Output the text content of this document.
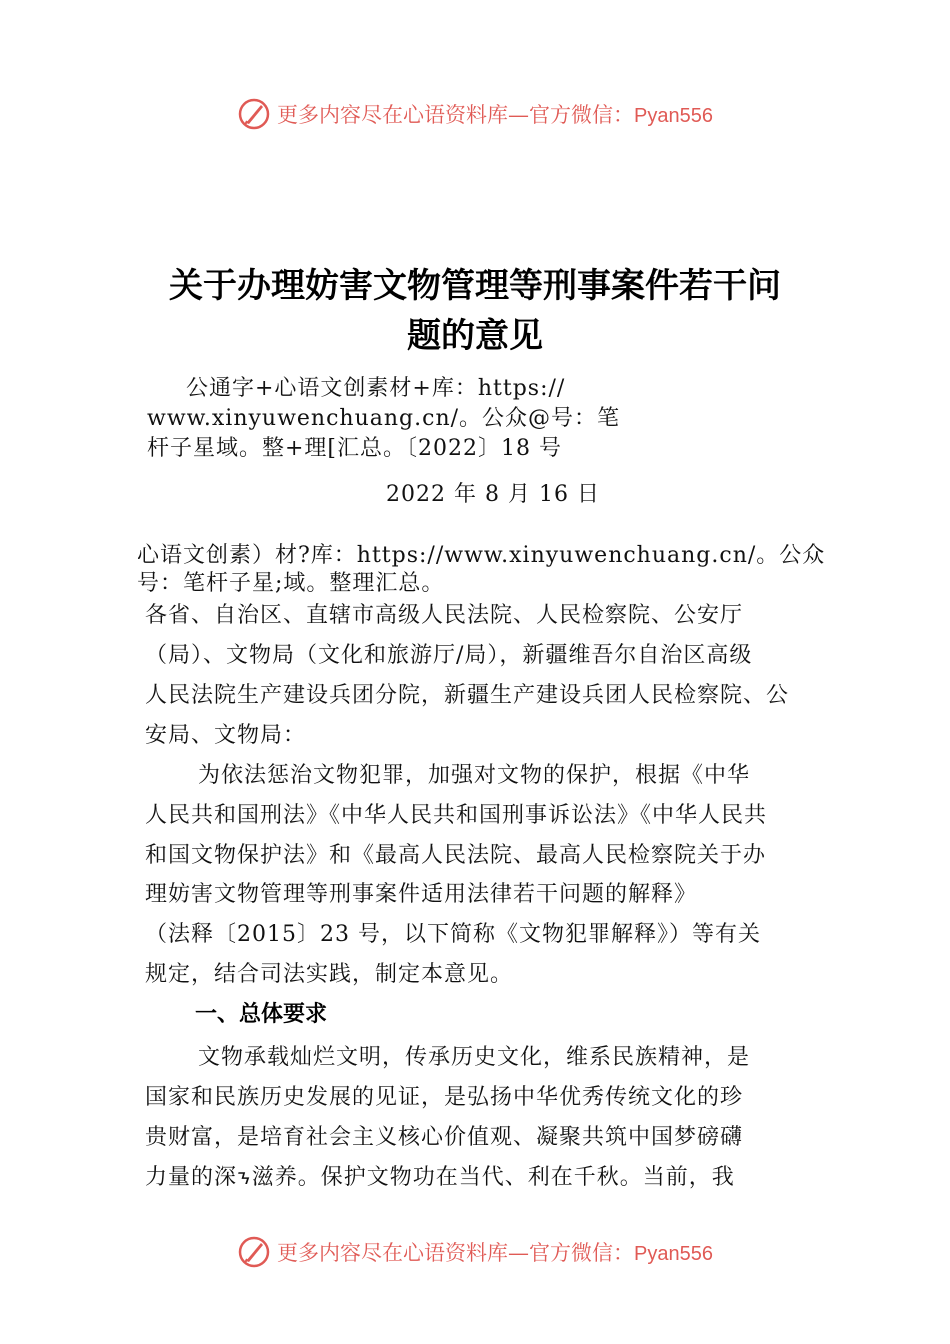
更多内容尽在心语资料库—官方微信：Pyan556
关于办理妨害文物管理等刑事案件若干问
题的意见
公通字+心语文创素材+库：https://
www.xinyuwenchuang.cn/。公众@号：笔
杆子星域。整+理[汇总。〔2022〕18 号
2022 年 8 月 16 日
心语文创素）材?库：https://www.xinyuwenchuang.cn/。公众
号：笔杆子星;域。整理汇总。
各省、自治区、直辖市高级人民法院、人民检察院、公安厅
（局）、文物局（文化和旅游厅/局），新疆维吾尔自治区高级
人民法院生产建设兵团分院，新疆生产建设兵团人民检察院、公
安局、文物局：
为依法惩治文物犯罪，加强对文物的保护，根据《中华
人民共和国刑法》《中华人民共和国刑事诉讼法》《中华人民共
和国文物保护法》和《最高人民法院、最高人民检察院关于办
理妨害文物管理等刑事案件适用法律若干问题的解释》
（法释〔2015〕23 号，以下简称《文物犯罪解释》）等有关
规定，结合司法实践，制定本意见。
一、总体要求
文物承载灿烂文明，传承历史文化，维系民族精神，是
国家和民族历史发展的见证，是弘扬中华优秀传统文化的珍
贵财富，是培育社会主义核心价值观、凝聚共筑中国梦磅礴
力量的深ᝂ滋养。保护文物功在当代、利在千秋。当前，我
更多内容尽在心语资料库—官方微信：Pyan556
